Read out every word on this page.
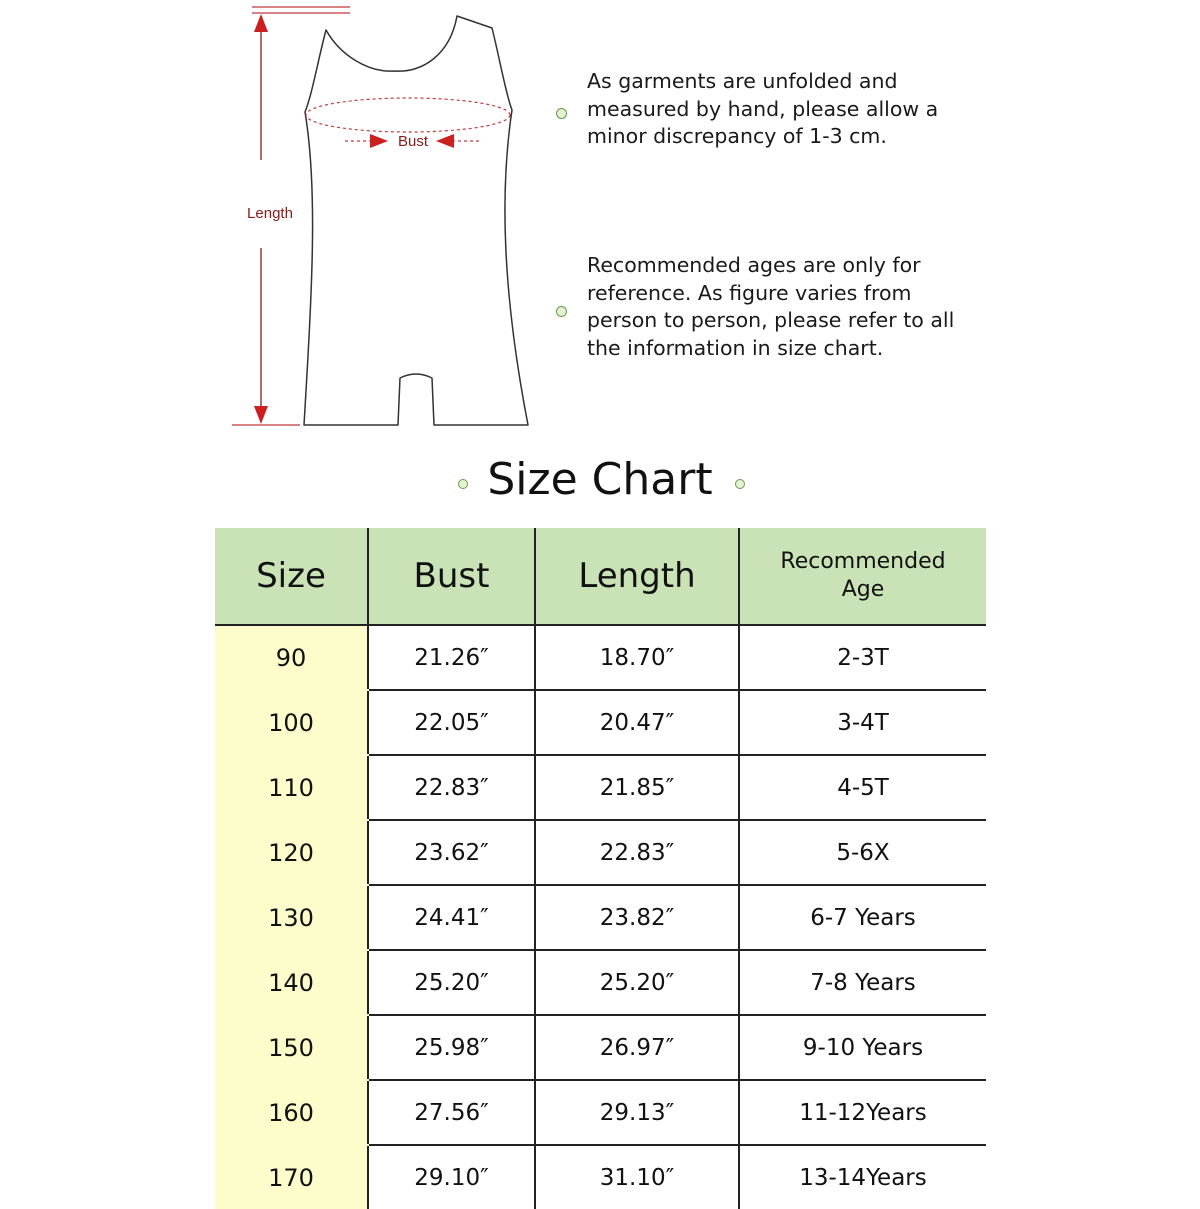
Length
Bust

As garments are unfolded and measured by hand, please allow a minor discrepancy of 1-3 cm.

Recommended ages are only for reference. As figure varies from person to person, please refer to all the information in size chart.

Size Chart
Size	Bust	Length	Recommended
Age
90	21.26″	18.70″	2-3T
100	22.05″	20.47″	3-4T
110	22.83″	21.85″	4-5T
120	23.62″	22.83″	5-6X
130	24.41″	23.82″	6-7 Years
140	25.20″	25.20″	7-8 Years
150	25.98″	26.97″	9-10 Years
160	27.56″	29.13″	11-12Years
170	29.10″	31.10″	13-14Years
